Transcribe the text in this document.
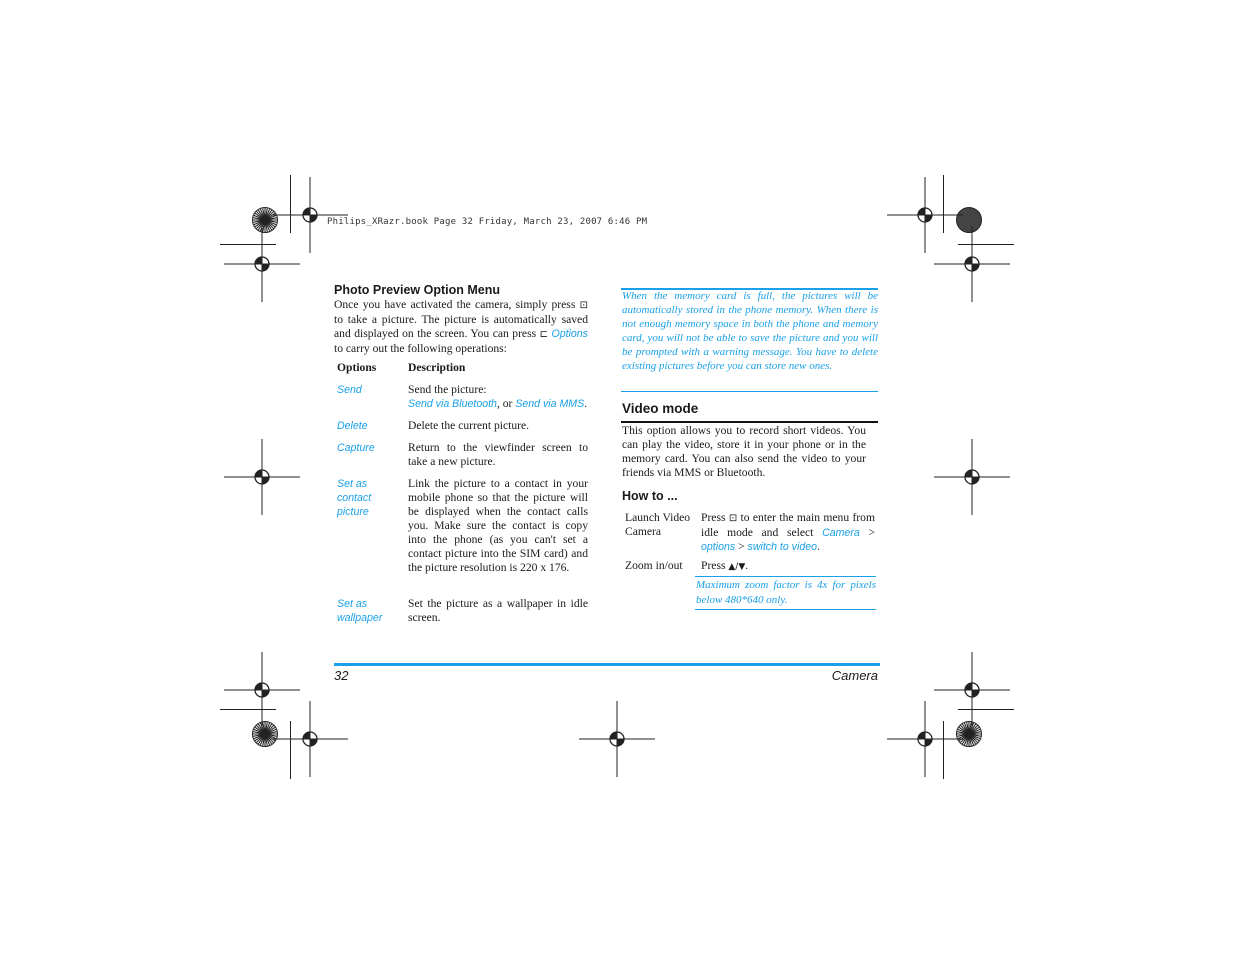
Philips_XRazr.book Page 32 Friday, March 23, 2007 6:46 PM
Photo Preview Option Menu
Once you have activated the camera, simply press ⊡ to take a picture. The picture is automatically saved and displayed on the screen. You can press ⊏ Options to carry out the following operations:
Options	Description
Send	Send the picture:
Send via Bluetooth, or Send via MMS.
Delete	Delete the current picture.
Capture	Return to the viewfinder screen to take a new picture.
Set as contact picture	Link the picture to a contact in your mobile phone so that the picture will be displayed when the contact calls you. Make sure the contact is copy into the phone (as you can't set a contact picture into the SIM card) and the picture resolution is 220 x 176.
Set as wallpaper	Set the picture as a wallpaper in idle screen.
When the memory card is full, the pictures will be automatically stored in the phone memory. When there is not enough memory space in both the phone and memory card, you will not be able to save the picture and you will be prompted with a warning message. You have to delete existing pictures before you can store new ones.
Video mode
This option allows you to record short videos. You can play the video, store it in your phone or in the memory card. You can also send the video to your friends via MMS or Bluetooth.
How to ...
Launch Video Camera	Press ⊡ to enter the main menu from idle mode and select Camera > options > switch to video.
Zoom in/out	Press ▲/▼.
Maximum zoom factor is 4x for pixels below 480*640 only.
32	Camera
